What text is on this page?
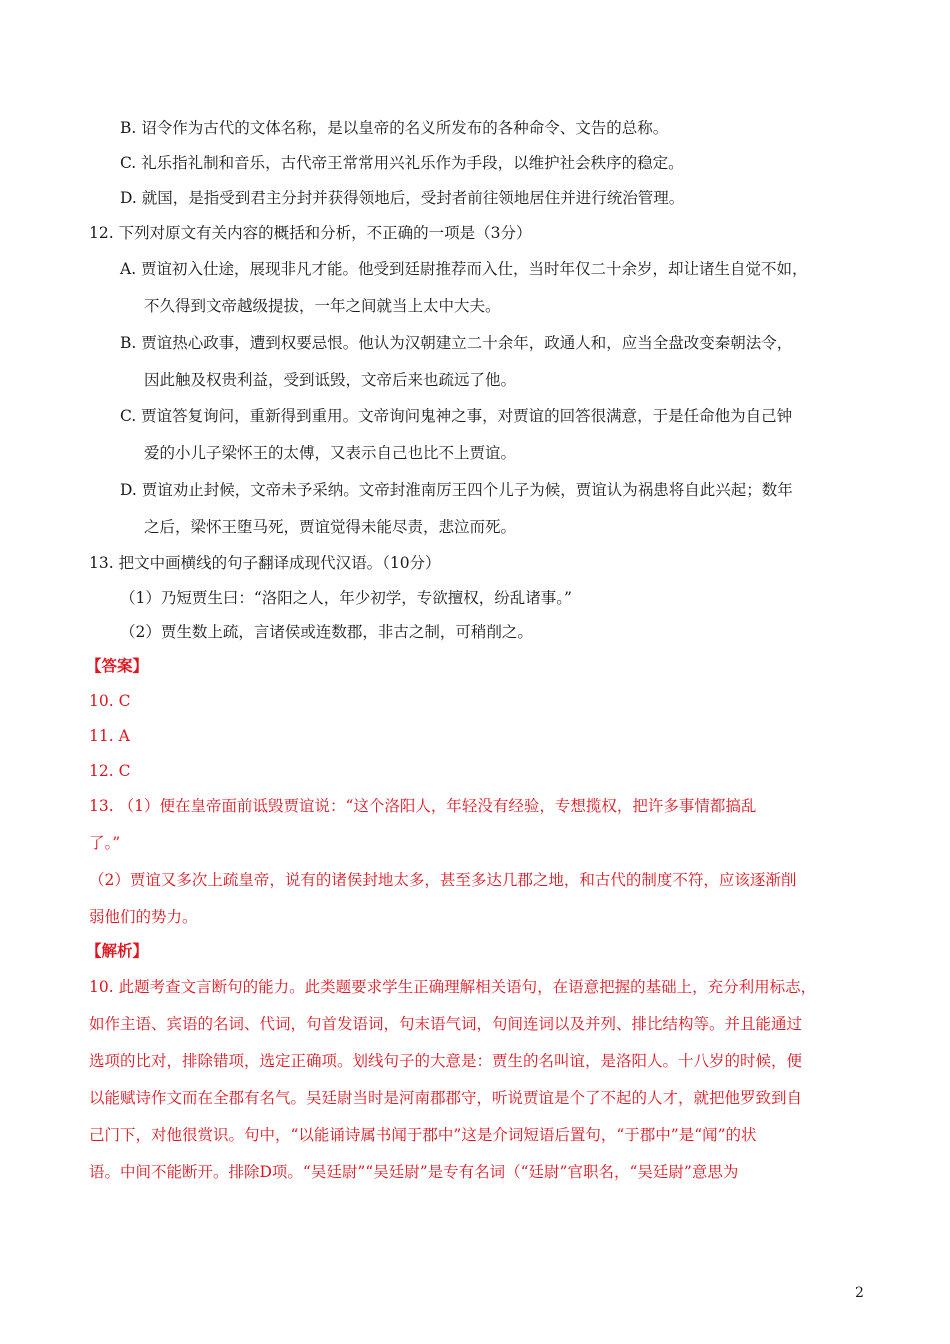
B. 诏令作为古代的文体名称，是以皇帝的名义所发布的各种命令、文告的总称。
C. 礼乐指礼制和音乐，古代帝王常常用兴礼乐作为手段，以维护社会秩序的稳定。
D. 就国，是指受到君主分封并获得领地后，受封者前往领地居住并进行统治管理。
12. 下列对原文有关内容的概括和分析，不正确的一项是（3分）
A. 贾谊初入仕途，展现非凡才能。他受到廷尉推荐而入仕，当时年仅二十余岁，却让诸生自觉不如，
不久得到文帝越级提拔，一年之间就当上太中大夫。
B. 贾谊热心政事，遭到权要忌恨。他认为汉朝建立二十余年，政通人和，应当全盘改变秦朝法令，
因此触及权贵利益，受到诋毁，文帝后来也疏远了他。
C. 贾谊答复询问，重新得到重用。文帝询问鬼神之事，对贾谊的回答很满意，于是任命他为自己钟
爱的小儿子梁怀王的太傅，又表示自己也比不上贾谊。
D. 贾谊劝止封候，文帝未予采纳。文帝封淮南厉王四个儿子为候，贾谊认为祸患将自此兴起；数年
之后，梁怀王堕马死，贾谊觉得未能尽责，悲泣而死。
13. 把文中画横线的句子翻译成现代汉语。（10分）
（1）乃短贾生曰：“洛阳之人，年少初学，专欲擅权，纷乱诸事。”
（2）贾生数上疏，言诸侯或连数郡，非古之制，可稍削之。
【答案】
10. C
11. A
12. C
13. （1）便在皇帝面前诋毁贾谊说：“这个洛阳人，年轻没有经验，专想揽权，把许多事情都搞乱
了。”
（2）贾谊又多次上疏皇帝，说有的诸侯封地太多，甚至多达几郡之地，和古代的制度不符，应该逐渐削
弱他们的势力。
【解析】
10. 此题考查文言断句的能力。此类题要求学生正确理解相关语句，在语意把握的基础上，充分利用标志，
如作主语、宾语的名词、代词，句首发语词，句末语气词，句间连词以及并列、排比结构等。并且能通过
选项的比对，排除错项，选定正确项。划线句子的大意是：贾生的名叫谊，是洛阳人。十八岁的时候，便
以能赋诗作文而在全郡有名气。吴廷尉当时是河南郡郡守，听说贾谊是个了不起的人才，就把他罗致到自
己门下，对他很赏识。句中，“以能诵诗属书闻于郡中”这是介词短语后置句，“于郡中”是“闻”的状
语。中间不能断开。排除D项。“吴廷尉”“吴廷尉”是专有名词（“廷尉”官职名，“吴廷尉”意思为
2
